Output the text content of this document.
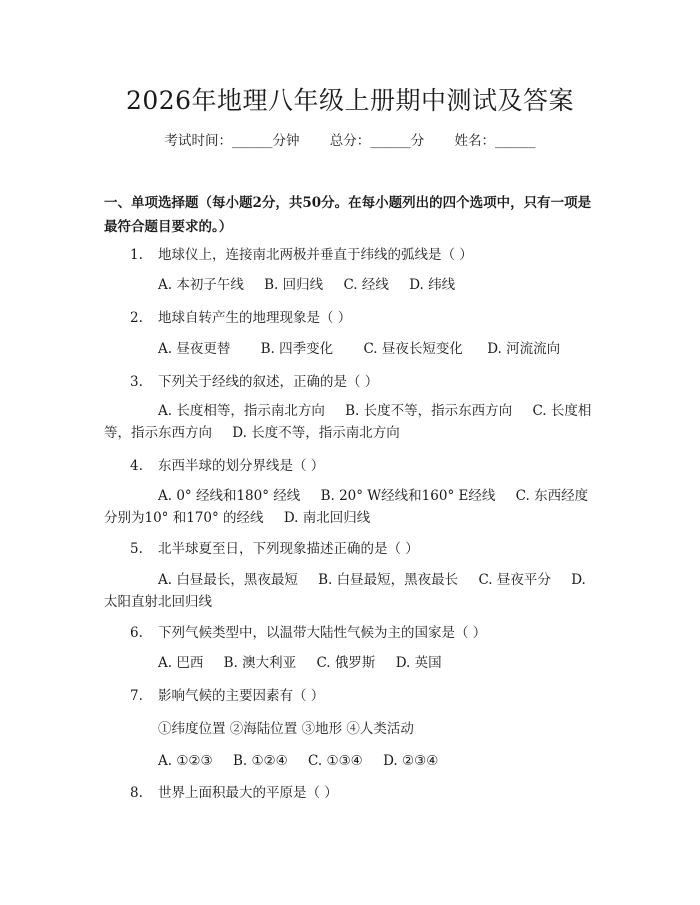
2026年地理八年级上册期中测试及答案
考试时间：______分钟 总分：______分 姓名：______
一、单项选择题（每小题2分，共50分。在每小题列出的四个选项中，只有一项是最符合题目要求的。）
1. 地球仪上，连接南北两极并垂直于纬线的弧线是（ ）
A. 本初子午线 B. 回归线 C. 经线 D. 纬线
2. 地球自转产生的地理现象是（ ）
A. 昼夜更替 B. 四季变化 C. 昼夜长短变化 D. 河流流向
3. 下列关于经线的叙述，正确的是（ ）
A. 长度相等，指示南北方向 B. 长度不等，指示东西方向 C. 长度相等，指示东西方向 D. 长度不等，指示南北方向
4. 东西半球的划分界线是（ ）
A. 0° 经线和180° 经线 B. 20° W经线和160° E经线 C. 东西经度分别为10° 和170° 的经线 D. 南北回归线
5. 北半球夏至日，下列现象描述正确的是（ ）
A. 白昼最长，黑夜最短 B. 白昼最短，黑夜最长 C. 昼夜平分 D. 太阳直射北回归线
6. 下列气候类型中，以温带大陆性气候为主的国家是（ ）
A. 巴西 B. 澳大利亚 C. 俄罗斯 D. 英国
7. 影响气候的主要因素有（ ）
①纬度位置 ②海陆位置 ③地形 ④人类活动
A. ①②③ B. ①②④ C. ①③④ D. ②③④
8. 世界上面积最大的平原是（ ）
